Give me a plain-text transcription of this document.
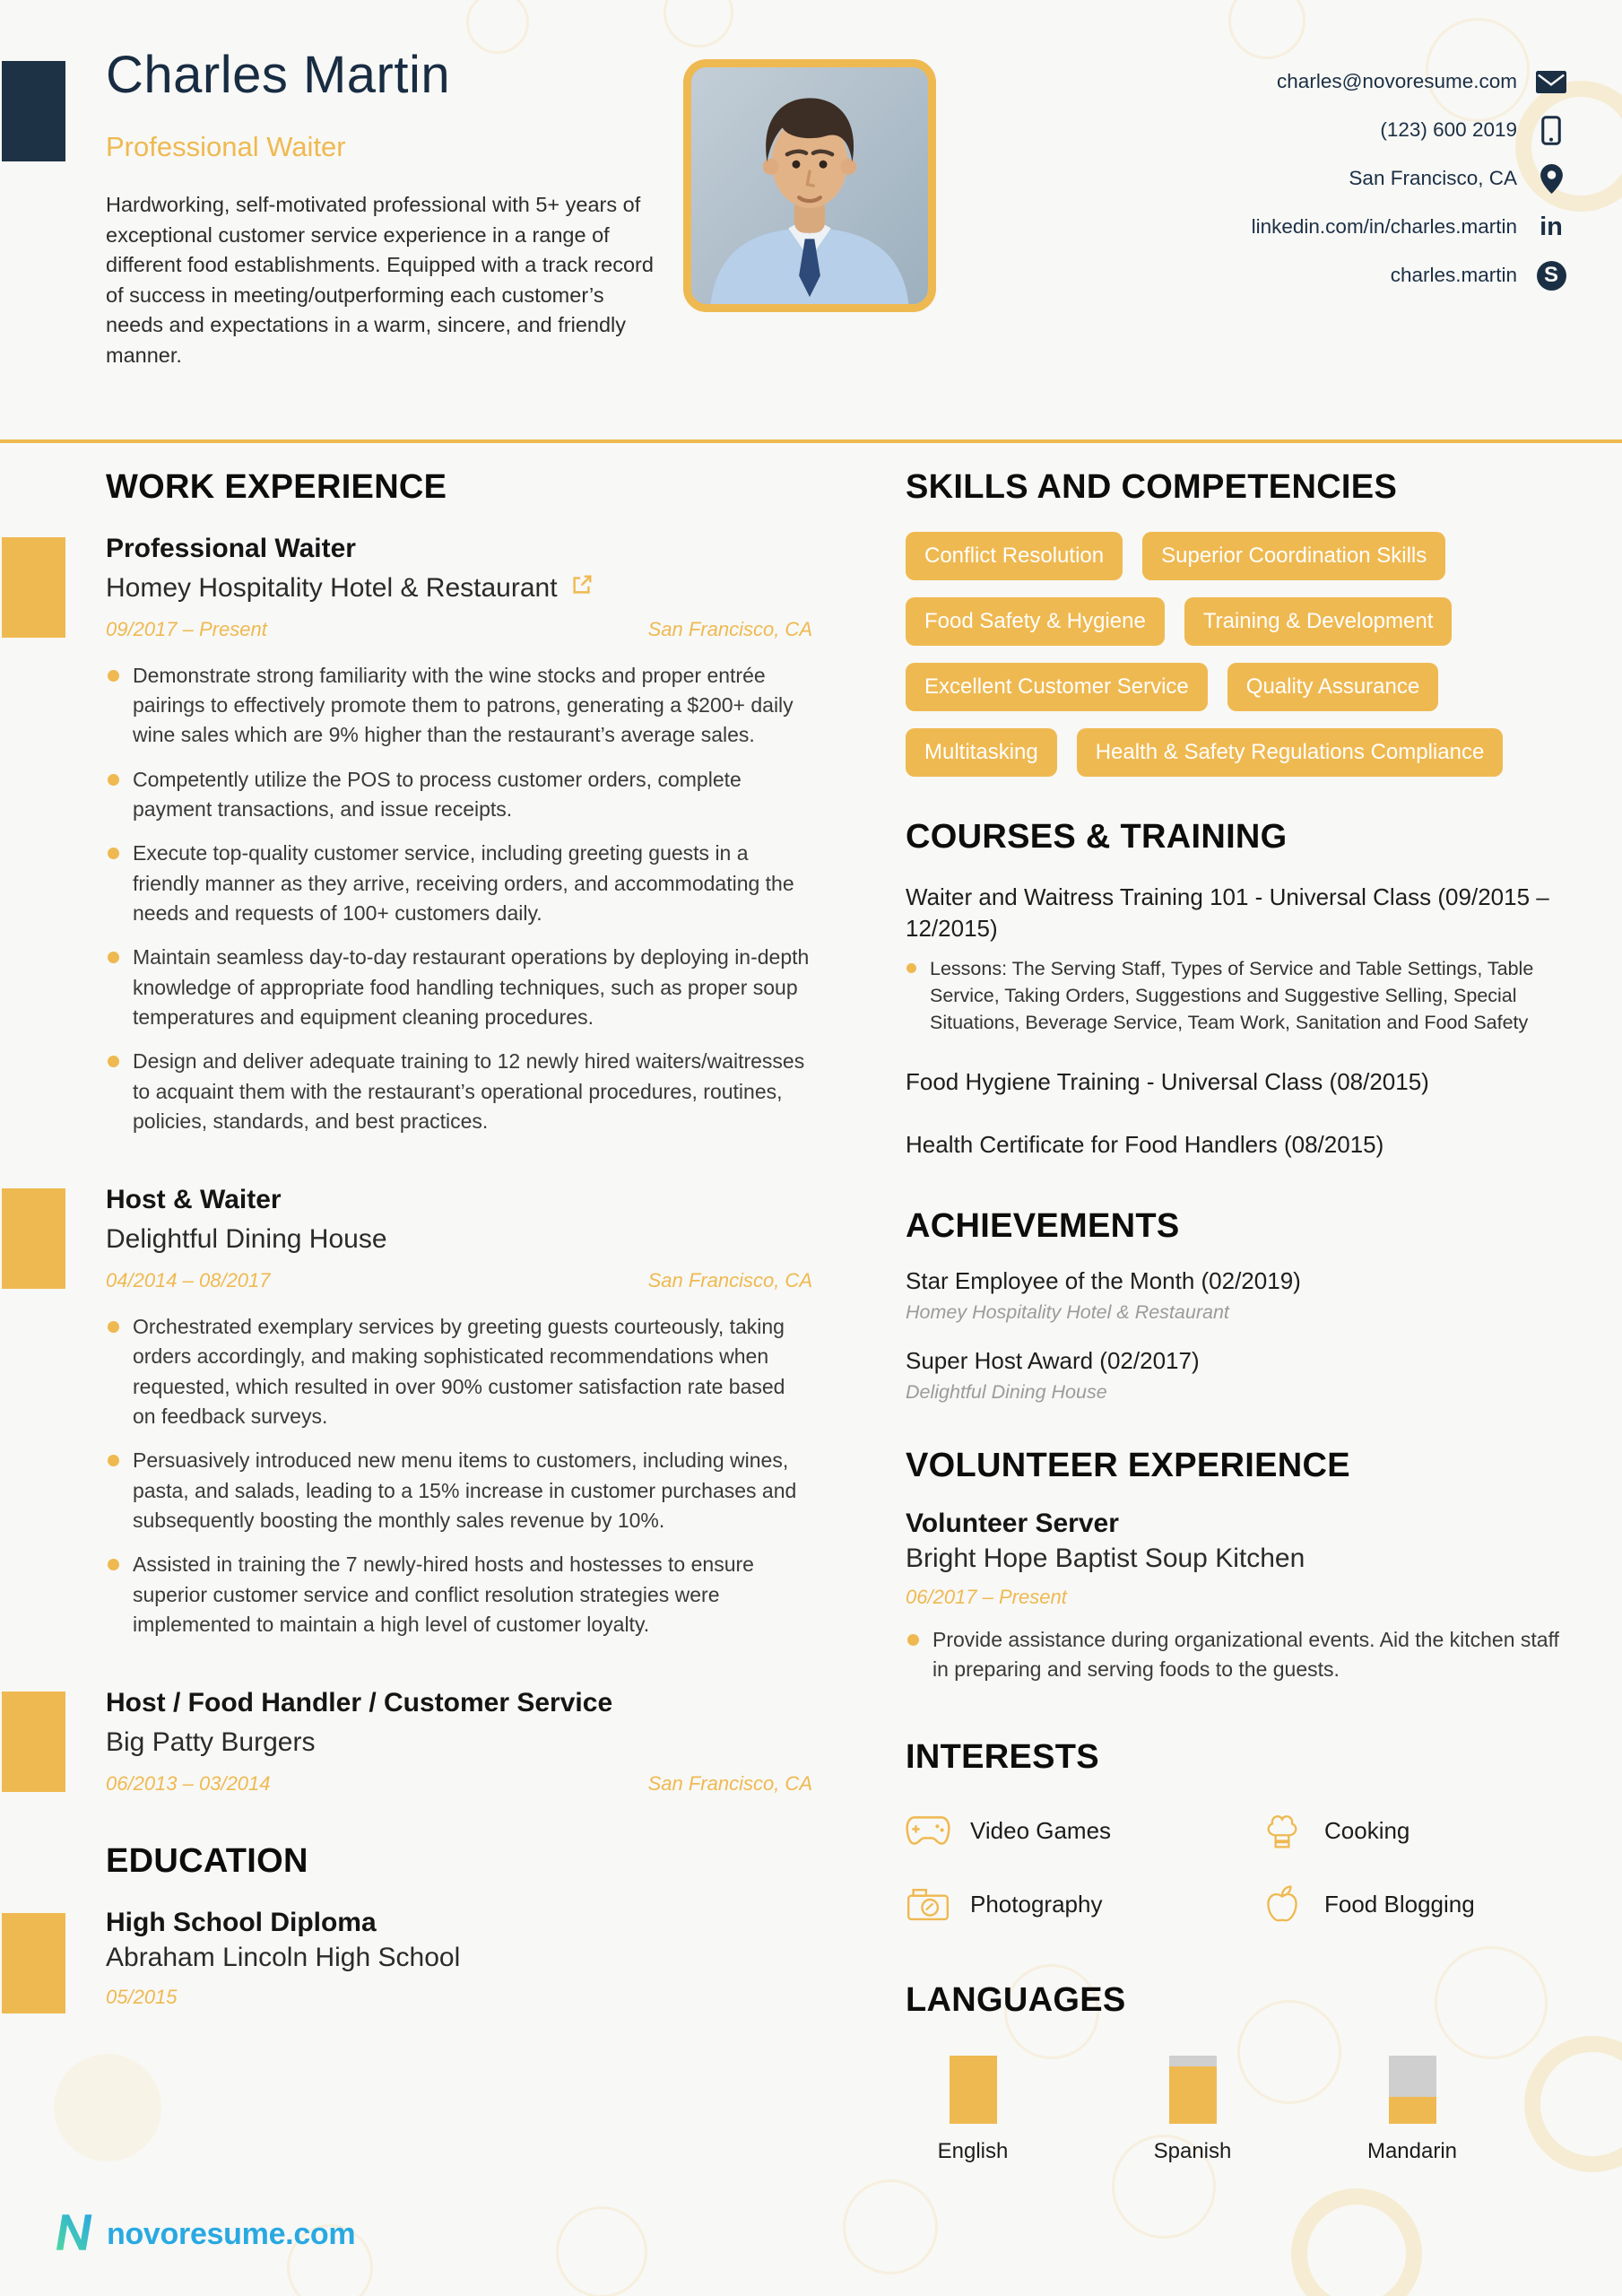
Charles Martin
Professional Waiter
Hardworking, self-motivated professional with 5+ years of exceptional customer service experience in a range of different food establishments. Equipped with a track record of success in meeting/outperforming each customer’s needs and expectations in a warm, sincere, and friendly manner.
charles@novoresume.com
(123) 600 2019
San Francisco, CA
linkedin.com/in/charles.martin in
charles.martin	S
WORK EXPERIENCE
Professional Waiter
Homey Hospitality Hotel & Restaurant
09/2017 – Present	San Francisco, CA
Demonstrate strong familiarity with the wine stocks and proper entrée pairings to effectively promote them to patrons, generating a $200+ daily wine sales which are 9% higher than the restaurant’s average sales.
Competently utilize the POS to process customer orders, complete payment transactions, and issue receipts.
Execute top-quality customer service, including greeting guests in a friendly manner as they arrive, receiving orders, and accommodating the needs and requests of 100+ customers daily.
Maintain seamless day-to-day restaurant operations by deploying in-depth knowledge of appropriate food handling techniques, such as proper soup temperatures and equipment cleaning procedures.
Design and deliver adequate training to 12 newly hired waiters/waitresses to acquaint them with the restaurant’s operational procedures, routines, policies, standards, and best practices.
Host & Waiter
Delightful Dining House
04/2014 – 08/2017	San Francisco, CA
Orchestrated exemplary services by greeting guests courteously, taking orders accordingly, and making sophisticated recommendations when requested, which resulted in over 90% customer satisfaction rate based on feedback surveys.
Persuasively introduced new menu items to customers, including wines, pasta, and salads, leading to a 15% increase in customer purchases and subsequently boosting the monthly sales revenue by 10%.
Assisted in training the 7 newly-hired hosts and hostesses to ensure superior customer service and conflict resolution strategies were implemented to maintain a high level of customer loyalty.
Host / Food Handler / Customer Service
Big Patty Burgers
06/2013 – 03/2014	San Francisco, CA
EDUCATION
High School Diploma
Abraham Lincoln High School
05/2015
SKILLS AND COMPETENCIES
Conflict Resolution	Superior Coordination Skills
Food Safety & Hygiene	Training & Development
Excellent Customer Service	Quality Assurance
Multitasking	Health & Safety Regulations Compliance
COURSES & TRAINING
Waiter and Waitress Training 101 - Universal Class (09/2015 – 12/2015)
Lessons: The Serving Staff, Types of Service and Table Settings, Table Service, Taking Orders, Suggestions and Suggestive Selling, Special Situations, Beverage Service, Team Work, Sanitation and Food Safety
Food Hygiene Training - Universal Class (08/2015)
Health Certificate for Food Handlers (08/2015)
ACHIEVEMENTS
Star Employee of the Month (02/2019)
Homey Hospitality Hotel & Restaurant
Super Host Award (02/2017)
Delightful Dining House
VOLUNTEER EXPERIENCE
Volunteer Server
Bright Hope Baptist Soup Kitchen
06/2017 – Present
Provide assistance during organizational events. Aid the kitchen staff in preparing and serving foods to the guests.
INTERESTS
Video Games	Cooking
Photography	Food Blogging
LANGUAGES
English	Spanish	Mandarin
novoresume.com
